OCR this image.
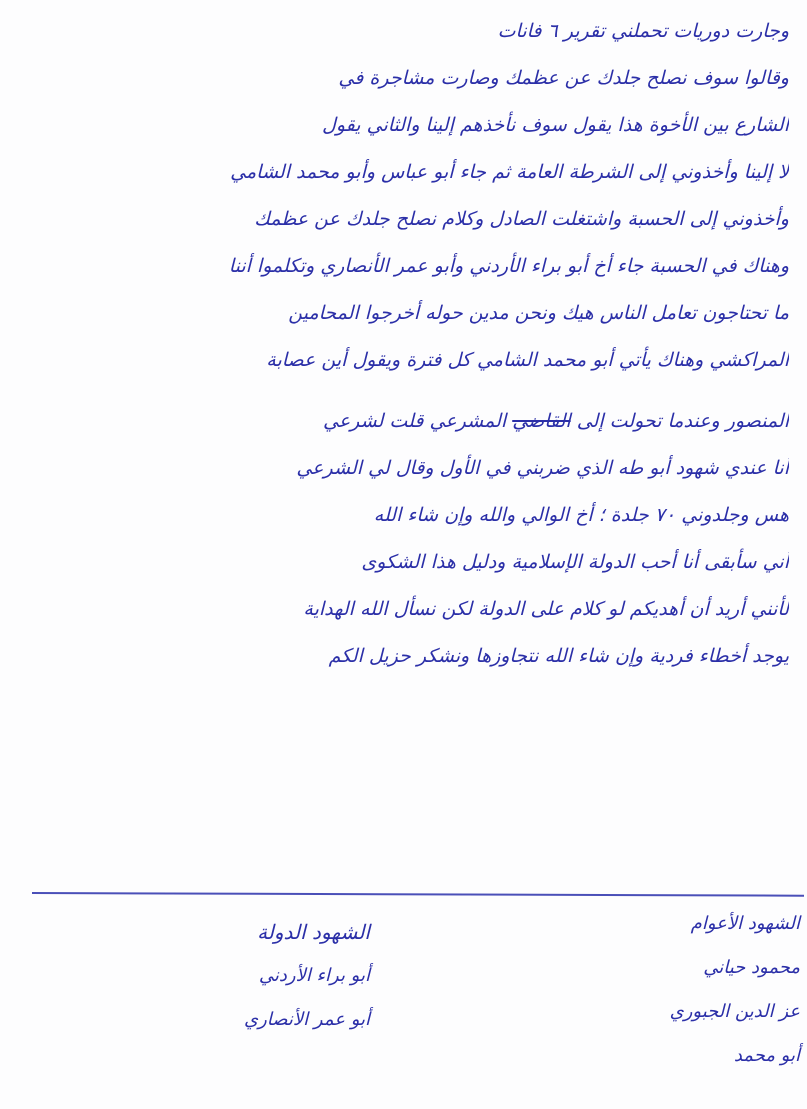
وجارت دوريات تحملني تقرير ٦ فانات
وقالوا سوف نصلح جلدك عن عظمك وصارت مشاجرة في
الشارع بين الأخوة هذا يقول سوف نأخذهم إلينا والثاني يقول
لا إلينا وأخذوني إلى الشرطة العامة ثم جاء أبو عباس وأبو محمد الشامي
وأخذوني إلى الحسبة واشتغلت الصادل وكلام نصلح جلدك عن عظمك
وهناك في الحسبة جاء أخ أبو براء الأردني وأبو عمر الأنصاري وتكلموا أننا
ما تحتاجون تعامل الناس هيك ونحن مدين حوله أخرجوا المحامين
المراكشي وهناك يأتي أبو محمد الشامي كل فترة ويقول أين عصابة
المنصور وعندما تحولت إلى القاضي المشرعي قلت لشرعي
أنا عندي شهود أبو طه الذي ضربني في الأول وقال لي الشرعي
هس وجلدوني ٧٠ جلدة ؛ أخ الوالي والله وإن شاء الله
أني سأبقى أنا أحب الدولة الإسلامية ودليل هذا الشكوى
لأنني أريد أن أهديكم لو كلام على الدولة لكن نسأل الله الهداية
يوجد أخطاء فردية وإن شاء الله نتجاوزها ونشكر حزيل الكم
الشهود الدولة
أبو براء الأردني
أبو عمر الأنصاري
الشهود الأعوام
محمود حياني
عز الدين الجبوري
أبو محمد
